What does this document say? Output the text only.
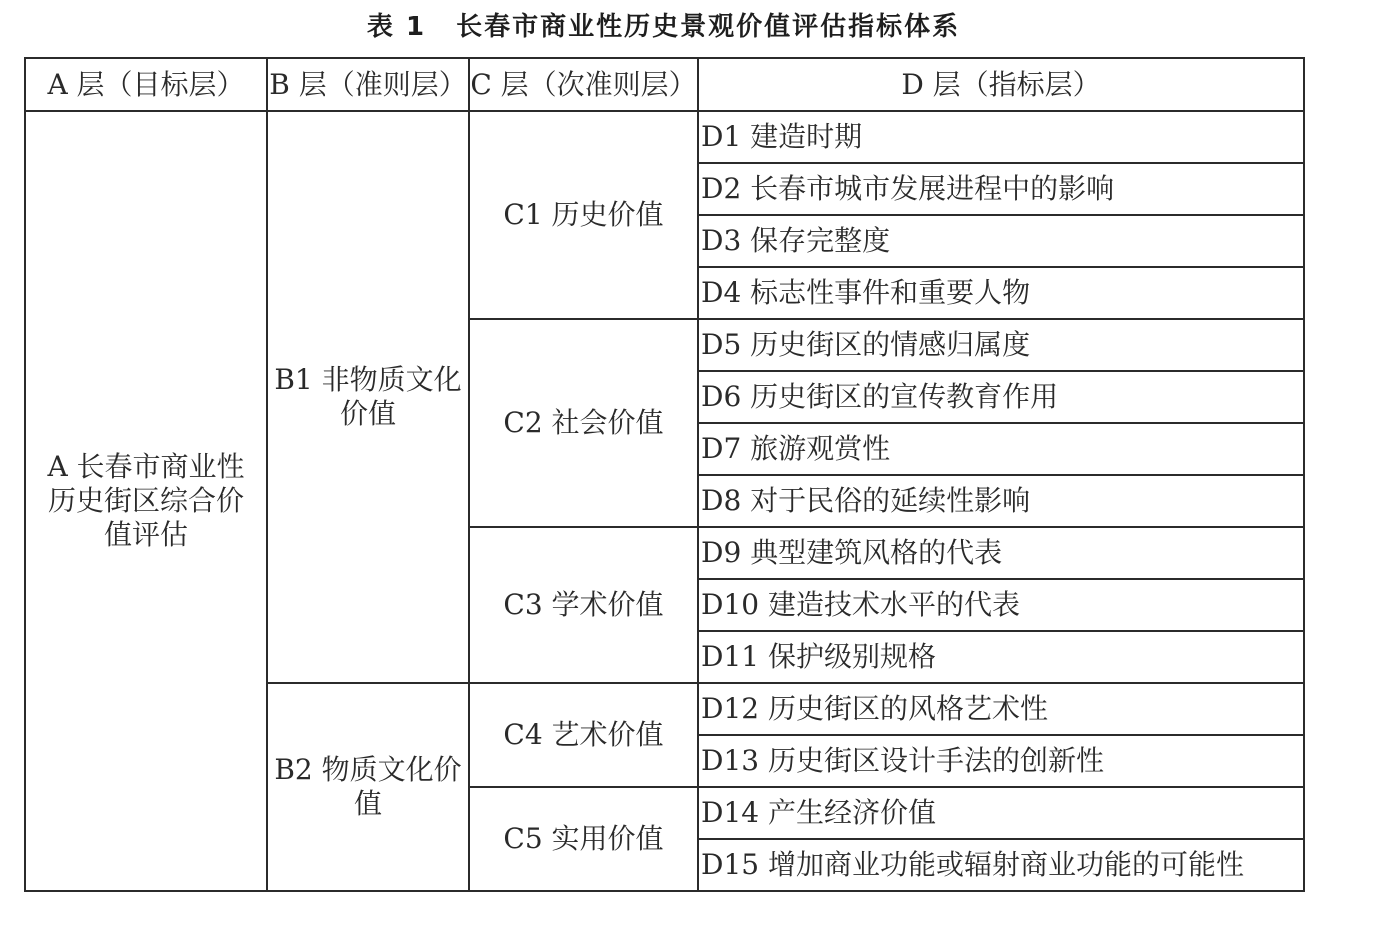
表 1 长春市商业性历史景观价值评估指标体系
A 层（目标层）	B 层（准则层）	C 层（次准则层）	D 层（指标层）
A 长春市商业性历史街区综合价值评估	B1 非物质文化价值	C1 历史价值	D1 建造时期
			D2 长春市城市发展进程中的影响
			D3 保存完整度
			D4 标志性事件和重要人物
		C2 社会价值	D5 历史街区的情感归属度
			D6 历史街区的宣传教育作用
			D7 旅游观赏性
			D8 对于民俗的延续性影响
		C3 学术价值	D9 典型建筑风格的代表
			D10 建造技术水平的代表
			D11 保护级别规格
	B2 物质文化价值	C4 艺术价值	D12 历史街区的风格艺术性
			D13 历史街区设计手法的创新性
		C5 实用价值	D14 产生经济价值
			D15 增加商业功能或辐射商业功能的可能性
